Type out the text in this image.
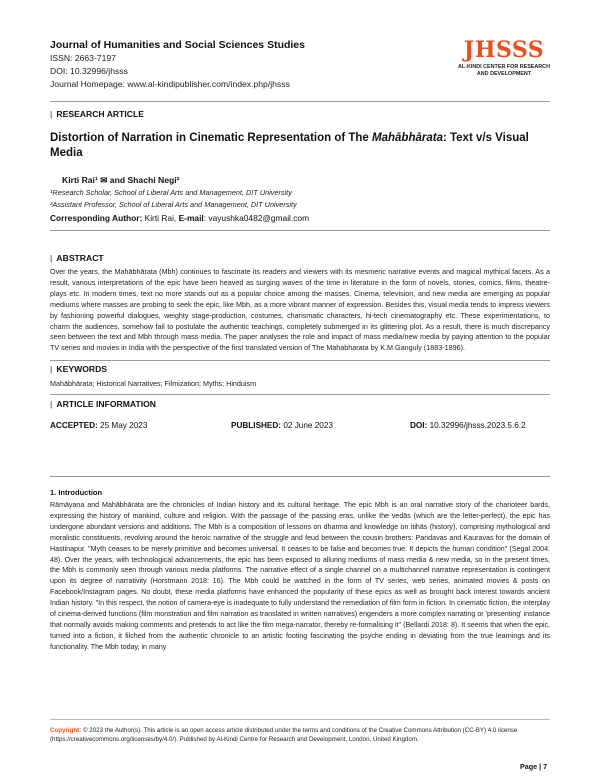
Journal of Humanities and Social Sciences Studies
ISSN: 2663-7197
DOI: 10.32996/jhsss
Journal Homepage: www.al-kindipublisher.com/index.php/jhsss
JHSSS
AL-KINDI CENTER FOR RESEARCH
AND DEVELOPMENT
| RESEARCH ARTICLE
Distortion of Narration in Cinematic Representation of The Mahābhārata: Text v/s Visual
Media
Kirti Rai¹ ✉ and Shachi Negi²
¹Research Scholar, School of Liberal Arts and Management, DIT University
²Assistant Professor, School of Liberal Arts and Management, DIT University
Corresponding Author: Kirti Rai, E-mail: vayushka0482@gmail.com
| ABSTRACT
Over the years, the Mahābhārata (Mbh) continues to fascinate its readers and viewers with its mesmeric narrative events and magical mythical facets. As a result, various interpretations of the epic have been heaved as surging waves of the time in literature in the form of novels, stories, comics, films, theatre-plays etc. In modern times, text no more stands out as a popular choice among the masses. Cinema, television, and new media are emerging as popular mediums where masses are probing to seek the epic, like Mbh, as a more vibrant manner of expression. Besides this, visual media tends to impress viewers by fashioning powerful dialogues, weighty stage-production, costumes, charismatic characters, hi-tech cinematography etc. These experimentations, to charm the audiences, somehow fail to postulate the authentic teachings, completely submerged in its glittering plot. As a result, there is much discrepancy seen between the text and Mbh through mass media. The paper analyses the role and impact of mass media/new media by paying attention to the popular TV series and movies in India with the perspective of the first translated version of The Mahabharata by K.M.Ganguly (1883-1896).
| KEYWORDS
Mahābhārata; Historical Narratives; Filmization; Myths; Hinduism
| ARTICLE INFORMATION
ACCEPTED: 25 May 2023	PUBLISHED: 02 June 2023	DOI: 10.32996/jhsss.2023.5.6.2
1. Introduction
Rāmāyaṇa and Mahābhārata are the chronicles of Indian history and its cultural heritage. The epic Mbh is an oral narrative story of the charioteer bards, expressing the history of mankind, culture and religion. With the passage of the passing eras, unlike the vedās (which are the letter-perfect), the epic has undergone abundant versions and additions. The Mbh is a composition of lessons on dharma and knowledge on itihās (history), comprising mythological and moralistic constituents, revolving around the heroic narrative of the struggle and feud between the cousin brothers: Pandavas and Kauravas for the domain of Hastinapur. "Myth ceases to be merely primitive and becomes universal. It ceases to be false and becomes true. It depicts the human condition" (Segal 2004: 48). Over the years, with technological advancements, the epic has been exposed to alluring mediums of mass media & new media, so in the present times, the Mbh is commonly seen through various media platforms. The narrative effect of a single channel on a multichannel narrative representation is contingent upon its degree of narrativity (Horstmann 2018: 16). The Mbh could be watched in the form of TV series, web series, animated movies & posts on Facebook/Instagram pages. No doubt, these media platforms have enhanced the popularity of these epics as well as brought back interest towards ancient Indian history. "In this respect, the notion of camera-eye is inadequate to fully understand the remediation of film form in fiction. In cinematic fiction, the interplay of cinema-derived functions (film monstration and film narration as translated in written narratives) engenders a more complex narrating or 'presenting' instance that normally avoids making comments and pretends to act like the film mega-narrator, thereby re-formalising it" (Bellardi 2018: 8). It seems that when the epic, turned into a fiction, it filched from the authentic chronicle to an artistic footing fascinating the psyche ending in deviating from the true learnings and its functionality. The Mbh today, in many
Copyright: © 2023 the Author(s). This article is an open access article distributed under the terms and conditions of the Creative Commons Attribution (CC-BY) 4.0 license (https://creativecommons.org/licenses/by/4.0/). Published by Al-Kindi Centre for Research and Development, London, United Kingdom.
Page | 7
